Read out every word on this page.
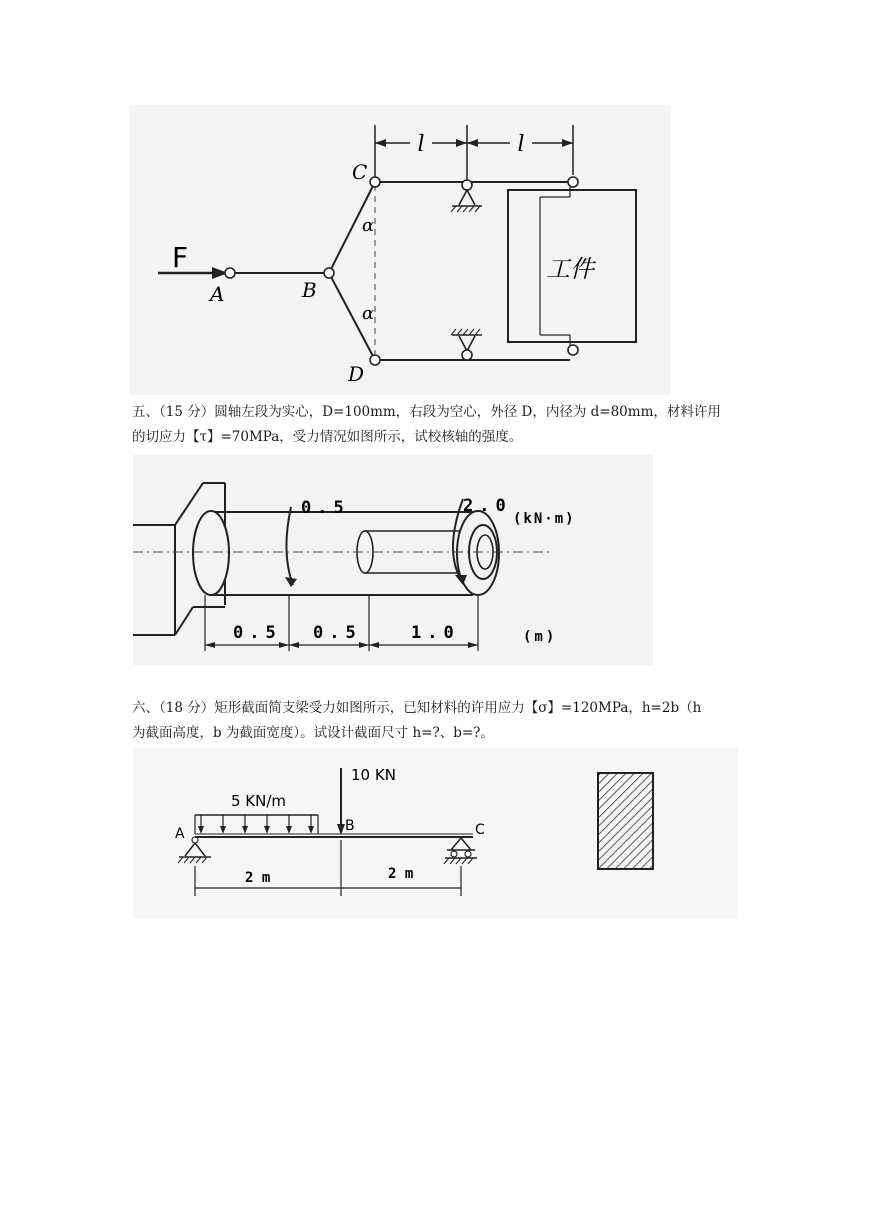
l	l
工件
F
A	B
C
D
α
α
五、（15 分）圆轴左段为实心，D=100mm，右段为空心，外径 D，内径为 d=80mm，材料许用
的切应力【τ】=70MPa，受力情况如图所示，试校核轴的强度。
0.5	2.0
(kN·m)
0.5 0.5	1.0	(m)
六、（18 分）矩形截面简支梁受力如图所示，已知材料的许用应力【σ】=120MPa，h=2b（h
为截面高度，b 为截面宽度）。试设计截面尺寸 h=?、b=?。
10 KN
5 KN/m
A	B	C
2 m	2 m
